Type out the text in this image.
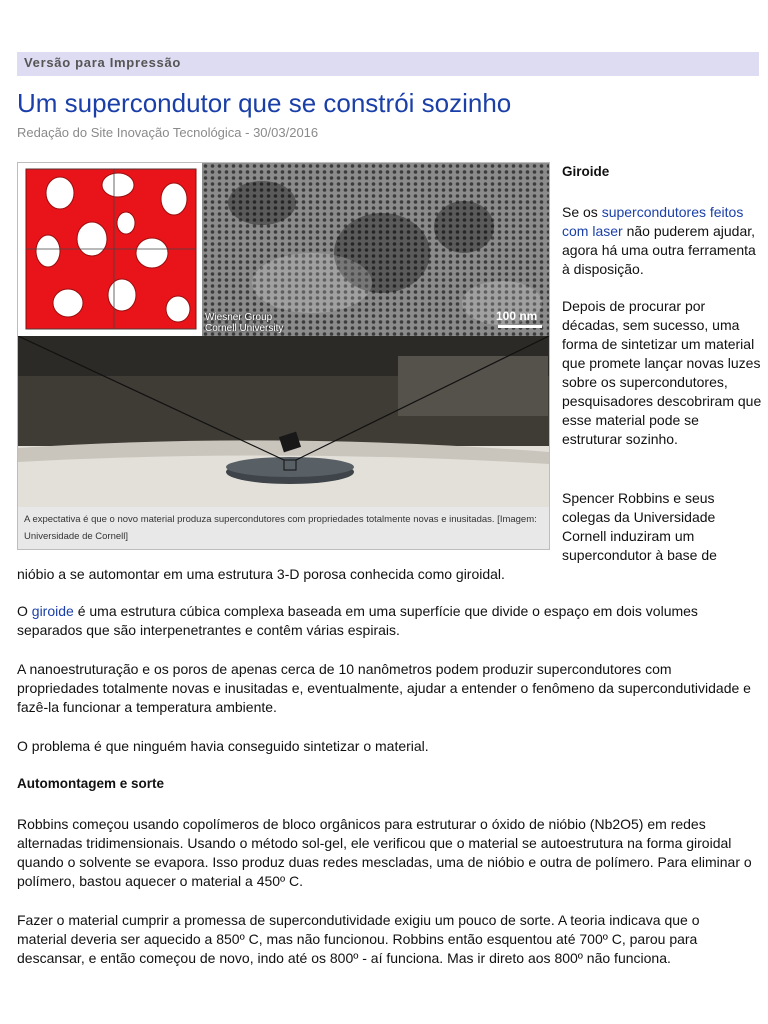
Versão para Impressão
Um supercondutor que se constrói sozinho
Redação do Site Inovação Tecnológica - 30/03/2016
Wiesner Group
Cornell University
100 nm
A expectativa é que o novo material produza supercondutores com propriedades totalmente novas e inusitadas. [Imagem: Universidade de Cornell]
Giroide

Se os supercondutores feitos com laser não puderem ajudar, agora há uma outra ferramenta à disposição.

Depois de procurar por décadas, sem sucesso, uma forma de sintetizar um material que promete lançar novas luzes sobre os supercondutores, pesquisadores descobriram que esse material pode se estruturar sozinho.

Spencer Robbins e seus colegas da Universidade Cornell induziram um supercondutor à base de

nióbio a se automontar em uma estrutura 3-D porosa conhecida como giroidal.

O giroide é uma estrutura cúbica complexa baseada em uma superfície que divide o espaço em dois volumes separados que são interpenetrantes e contêm várias espirais.

A nanoestruturação e os poros de apenas cerca de 10 nanômetros podem produzir supercondutores com propriedades totalmente novas e inusitadas e, eventualmente, ajudar a entender o fenômeno da supercondutividade e fazê-la funcionar a temperatura ambiente.

O problema é que ninguém havia conseguido sintetizar o material.

Automontagem e sorte

Robbins começou usando copolímeros de bloco orgânicos para estruturar o óxido de nióbio (Nb2O5) em redes alternadas tridimensionais. Usando o método sol-gel, ele verificou que o material se autoestrutura na forma giroidal quando o solvente se evapora. Isso produz duas redes mescladas, uma de nióbio e outra de polímero. Para eliminar o polímero, bastou aquecer o material a 450º C.

Fazer o material cumprir a promessa de supercondutividade exigiu um pouco de sorte. A teoria indicava que o material deveria ser aquecido a 850º C, mas não funcionou. Robbins então esquentou até 700º C, parou para descansar, e então começou de novo, indo até os 800º - aí funciona. Mas ir direto aos 800º não funciona.
